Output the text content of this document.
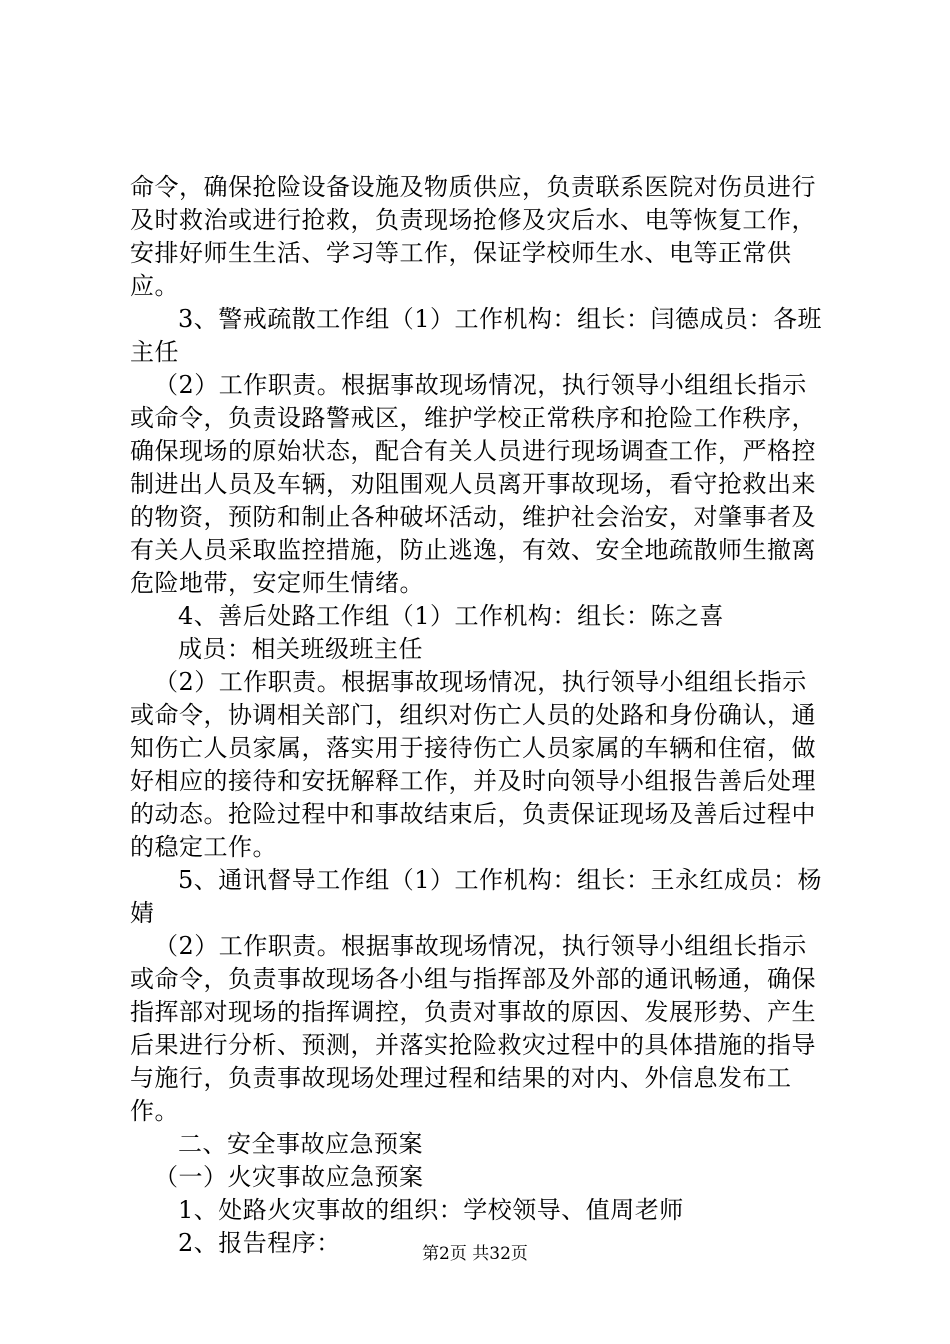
命令，确保抢险设备设施及物质供应，负责联系医院对伤员进行及时救治或进行抢救，负责现场抢修及灾后水、电等恢复工作，安排好师生生活、学习等工作，保证学校师生水、电等正常供应。

3、警戒疏散工作组（1）工作机构：组长：闫德成员：各班主任

（2）工作职责。根据事故现场情况，执行领导小组组长指示或命令，负责设路警戒区，维护学校正常秩序和抢险工作秩序，确保现场的原始状态，配合有关人员进行现场调查工作，严格控制进出人员及车辆，劝阻围观人员离开事故现场，看守抢救出来的物资，预防和制止各种破坏活动，维护社会治安，对肇事者及有关人员采取监控措施，防止逃逸，有效、安全地疏散师生撤离危险地带，安定师生情绪。

4、善后处路工作组（1）工作机构：组长：陈之喜

成员：相关班级班主任

（2）工作职责。根据事故现场情况，执行领导小组组长指示或命令，协调相关部门，组织对伤亡人员的处路和身份确认，通知伤亡人员家属，落实用于接待伤亡人员家属的车辆和住宿，做好相应的接待和安抚解释工作，并及时向领导小组报告善后处理的动态。抢险过程中和事故结束后，负责保证现场及善后过程中的稳定工作。

5、通讯督导工作组（1）工作机构：组长：王永红成员：杨婧

（2）工作职责。根据事故现场情况，执行领导小组组长指示或命令，负责事故现场各小组与指挥部及外部的通讯畅通，确保指挥部对现场的指挥调控，负责对事故的原因、发展形势、产生后果进行分析、预测，并落实抢险救灾过程中的具体措施的指导与施行，负责事故现场处理过程和结果的对内、外信息发布工作。

二、安全事故应急预案

（一）火灾事故应急预案

1、处路火灾事故的组织：学校领导、值周老师

2、报告程序：	第2页 共32页
